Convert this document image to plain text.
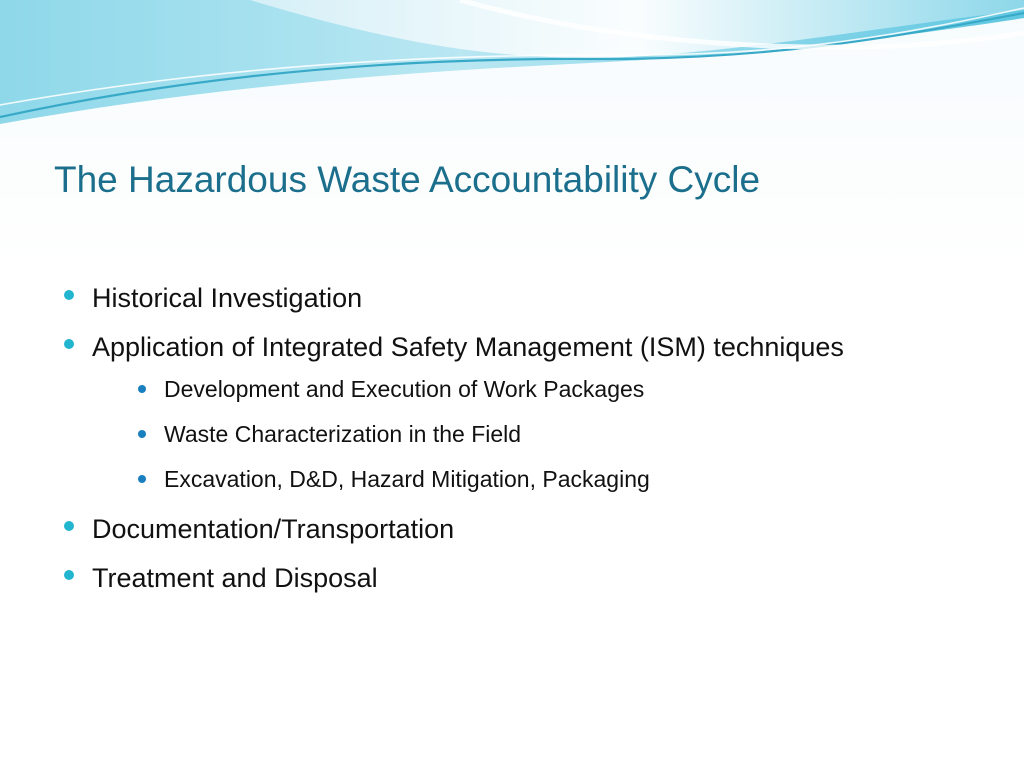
The Hazardous Waste Accountability Cycle
Historical Investigation
Application of Integrated Safety Management (ISM) techniques
Development and Execution of Work Packages
Waste Characterization in the Field
Excavation, D&D, Hazard Mitigation, Packaging
Documentation/Transportation
Treatment and Disposal
